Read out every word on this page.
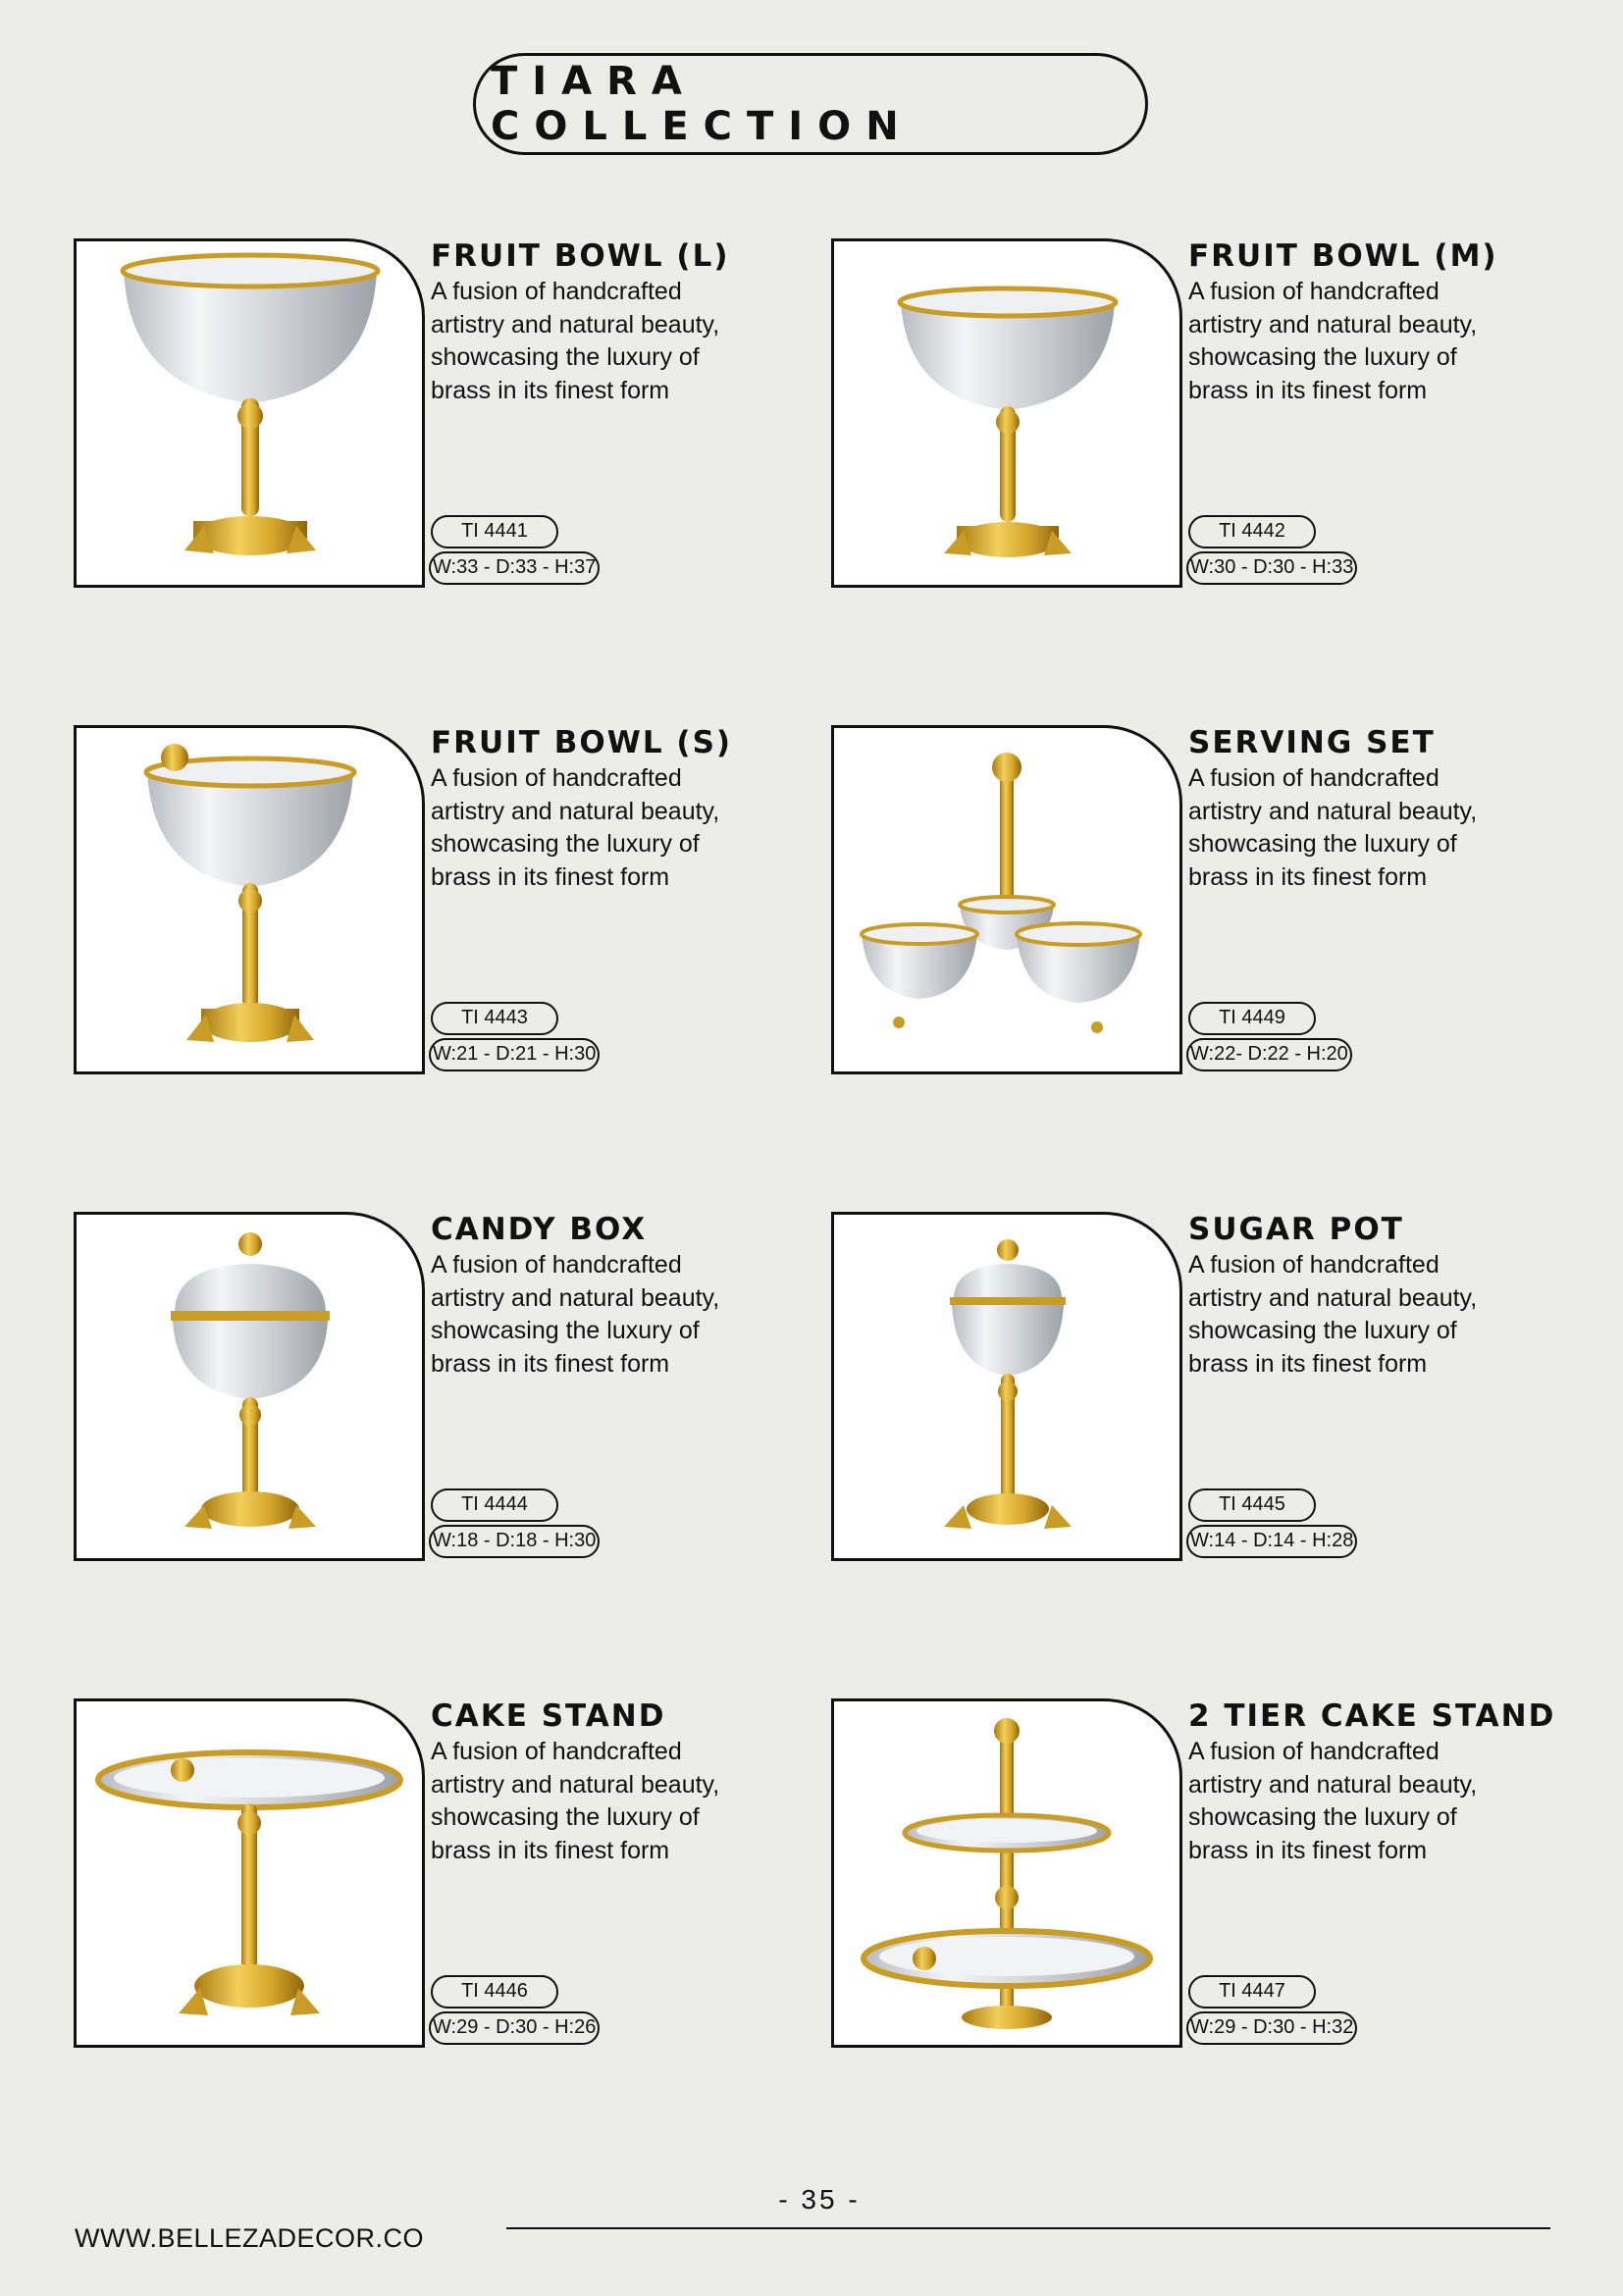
TIARA COLLECTION
FRUIT BOWL (L)
A fusion of handcrafted artistry and natural beauty, showcasing the luxury of brass in its finest form
TI 4441
W:33 - D:33 - H:37
FRUIT BOWL (M)
A fusion of handcrafted artistry and natural beauty, showcasing the luxury of brass in its finest form
TI 4442
W:30 - D:30 - H:33
FRUIT BOWL (S)
A fusion of handcrafted artistry and natural beauty, showcasing the luxury of brass in its finest form
TI 4443
W:21 - D:21 - H:30
SERVING SET
A fusion of handcrafted artistry and natural beauty, showcasing the luxury of brass in its finest form
TI 4449
W:22- D:22 - H:20
CANDY BOX
A fusion of handcrafted artistry and natural beauty, showcasing the luxury of brass in its finest form
TI 4444
W:18 - D:18 - H:30
SUGAR POT
A fusion of handcrafted artistry and natural beauty, showcasing the luxury of brass in its finest form
TI 4445
W:14 - D:14 - H:28
CAKE STAND
A fusion of handcrafted artistry and natural beauty, showcasing the luxury of brass in its finest form
TI 4446
W:29 - D:30 - H:26
2 TIER CAKE STAND
A fusion of handcrafted artistry and natural beauty, showcasing the luxury of brass in its finest form
TI 4447
W:29 - D:30 - H:32
- 35 -
WWW.BELLEZADECOR.CO
